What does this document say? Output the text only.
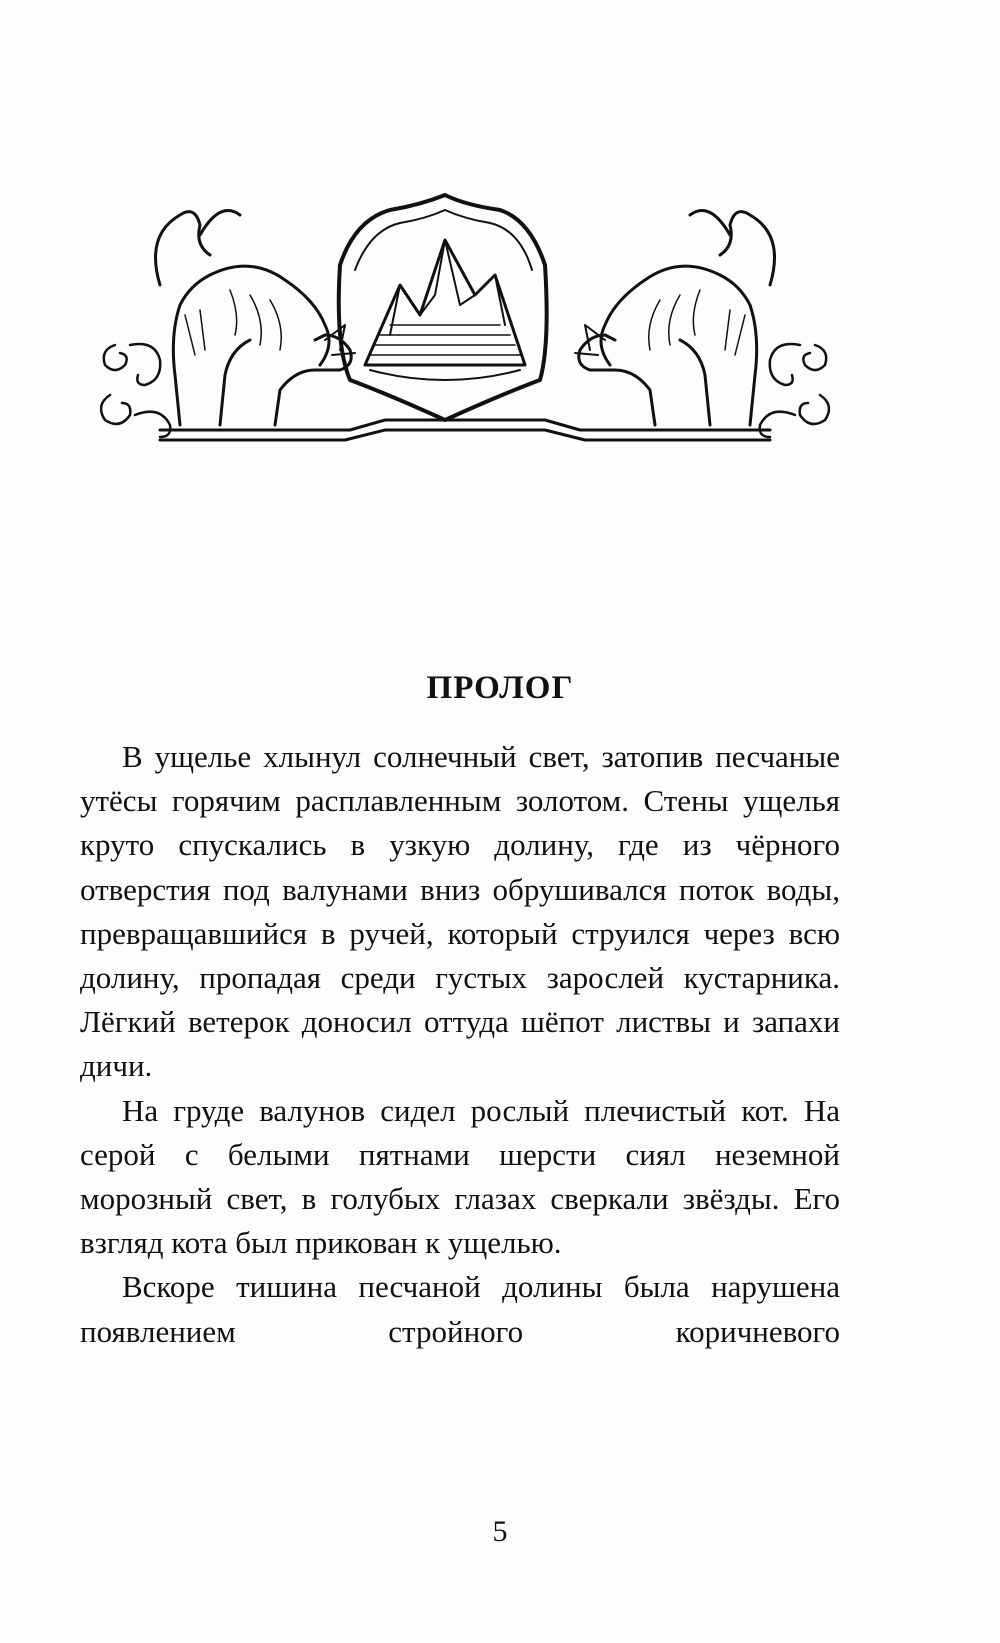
ПРОЛОГ

В ущелье хлынул солнечный свет, затопив песчаные утёсы горячим расплавленным золотом. Стены ущелья круто спускались в узкую долину, где из чёрного отверстия под валунами вниз обрушивался поток воды, превращавшийся в ручей, который струился через всю долину, пропадая среди густых зарослей кустарника. Лёгкий ветерок доносил оттуда шёпот листвы и запахи дичи.

На груде валунов сидел рослый плечистый кот. На серой с белыми пятнами шерсти сиял неземной морозный свет, в голубых глазах сверкали звёзды. Его взгляд кота был прикован к ущелью.

Вскоре тишина песчаной долины была нарушена появлением стройного коричневого

5
